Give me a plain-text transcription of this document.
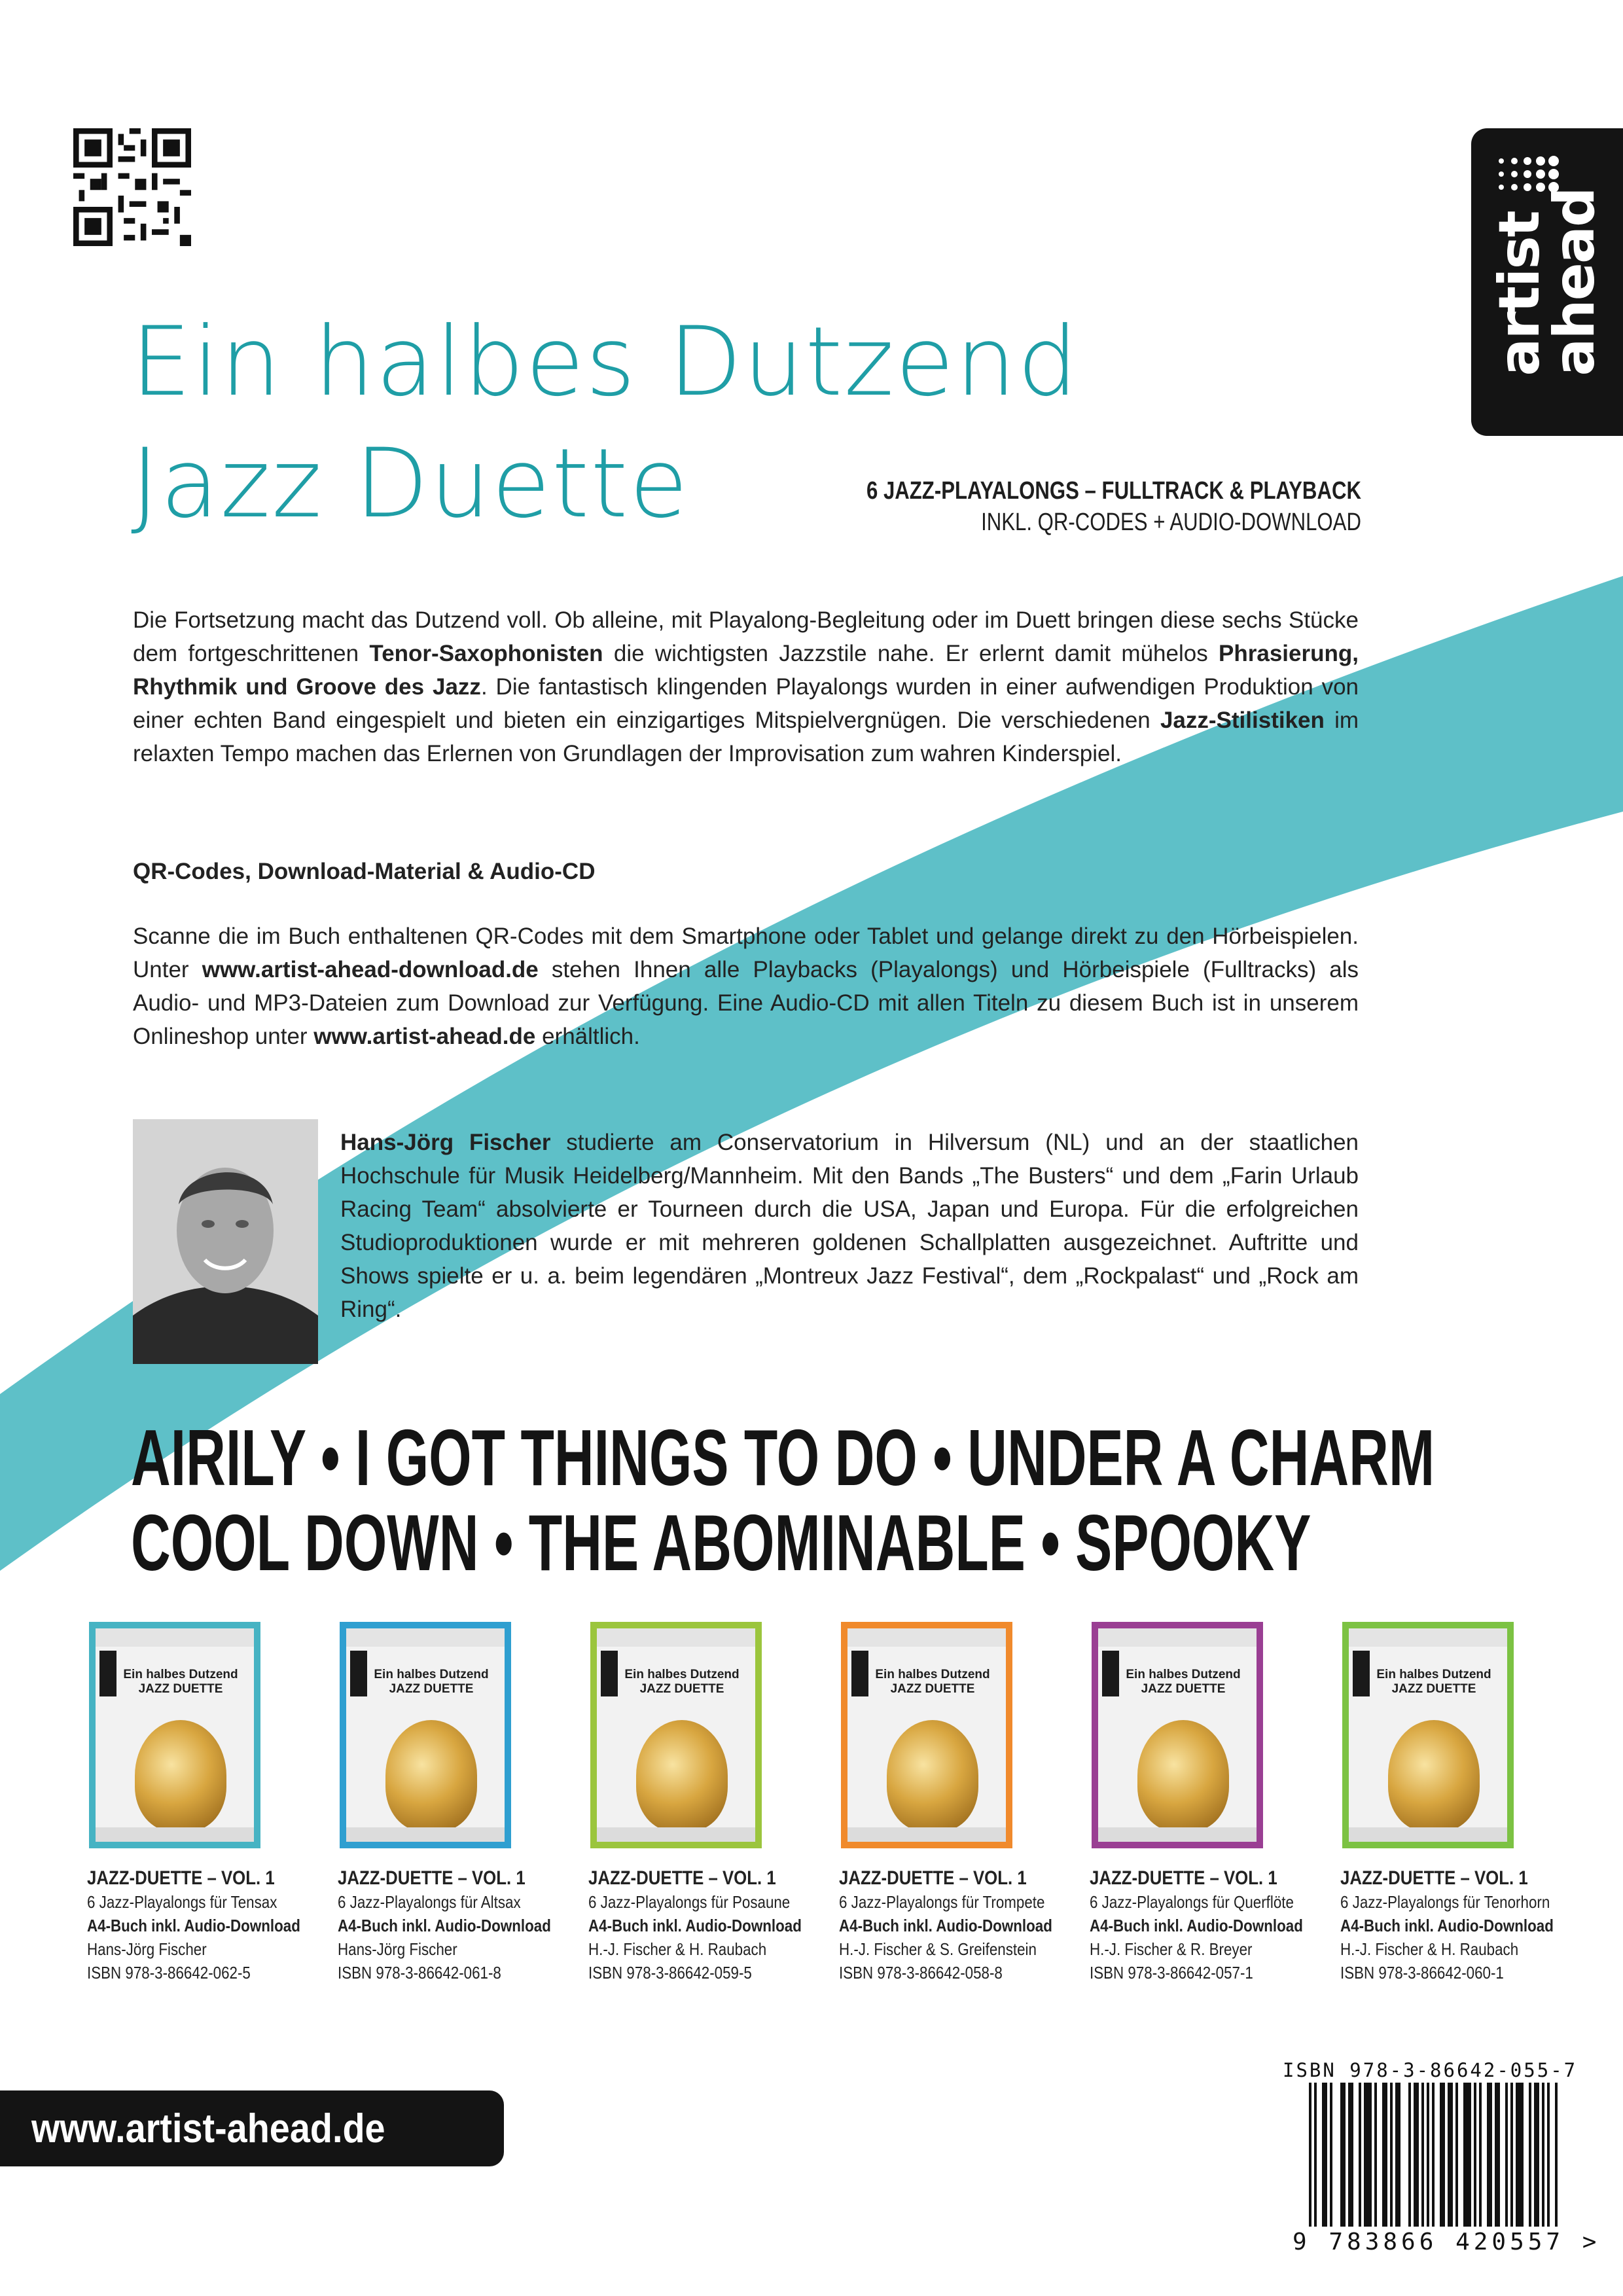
artist
ahead
Ein halbes Dutzend
Jazz Duette	6 JAZZ-PLAYALONGS – FULLTRACK & PLAYBACK
INKL. QR-CODES + AUDIO-DOWNLOAD
Die Fortsetzung macht das Dutzend voll. Ob alleine, mit Playalong-Begleitung oder im Duett bringen diese sechs Stücke dem fortgeschrittenen Tenor-Saxophonisten die wichtigsten Jazzstile nahe. Er erlernt damit mühelos Phrasierung, Rhythmik und Groove des Jazz. Die fantastisch klingenden Playalongs wurden in einer aufwendigen Produktion von einer echten Band eingespielt und bieten ein einzigartiges Mitspielvergnügen. Die verschiedenen Jazz-Stilistiken im relaxten Tempo machen das Erlernen von Grundlagen der Improvisation zum wahren Kinderspiel.
QR-Codes, Download-Material & Audio-CD
Scanne die im Buch enthaltenen QR-Codes mit dem Smartphone oder Tablet und gelange direkt zu den Hörbeispielen. Unter www.artist-ahead-download.de stehen Ihnen alle Playbacks (Playalongs) und Hörbeispiele (Fulltracks) als Audio- und MP3-Dateien zum Download zur Verfügung. Eine Audio-CD mit allen Titeln zu diesem Buch ist in unserem Onlineshop unter www.artist-ahead.de erhältlich.
Hans-Jörg Fischer studierte am Conservatorium in Hilversum (NL) und an der staatlichen Hochschule für Musik Heidelberg/Mannheim. Mit den Bands „The Busters“ und dem „Farin Urlaub Racing Team“ absolvierte er Tourneen durch die USA, Japan und Europa. Für die erfolgreichen Studioproduktionen wurde er mit mehreren goldenen Schallplatten ausgezeichnet. Auftritte und Shows spielte er u. a. beim legendären „Montreux Jazz Festival“, dem „Rockpalast“ und „Rock am Ring“.
AIRILY • I GOT THINGS TO DO • UNDER A CHARM
COOL DOWN • THE ABOMINABLE • SPOOKY
Ein halbes Dutzend JAZZ DUETTE
JAZZ-DUETTE – VOL. 1
6 Jazz-Playalongs für Tensax
A4-Buch inkl. Audio-Download
Hans-Jörg Fischer
ISBN 978-3-86642-062-5
Ein halbes Dutzend JAZZ DUETTE
JAZZ-DUETTE – VOL. 1
6 Jazz-Playalongs für Altsax
A4-Buch inkl. Audio-Download
Hans-Jörg Fischer
ISBN 978-3-86642-061-8
Ein halbes Dutzend JAZZ DUETTE
JAZZ-DUETTE – VOL. 1
6 Jazz-Playalongs für Posaune
A4-Buch inkl. Audio-Download
H.-J. Fischer & H. Raubach
ISBN 978-3-86642-059-5
Ein halbes Dutzend JAZZ DUETTE
JAZZ-DUETTE – VOL. 1
6 Jazz-Playalongs für Trompete
A4-Buch inkl. Audio-Download
H.-J. Fischer & S. Greifenstein
ISBN 978-3-86642-058-8
Ein halbes Dutzend JAZZ DUETTE
JAZZ-DUETTE – VOL. 1
6 Jazz-Playalongs für Querflöte
A4-Buch inkl. Audio-Download
H.-J. Fischer & R. Breyer
ISBN 978-3-86642-057-1
Ein halbes Dutzend JAZZ DUETTE
JAZZ-DUETTE – VOL. 1
6 Jazz-Playalongs für Tenorhorn
A4-Buch inkl. Audio-Download
H.-J. Fischer & H. Raubach
ISBN 978-3-86642-060-1
www.artist-ahead.de
ISBN 978-3-86642-055-7
9 783866 420557 >
